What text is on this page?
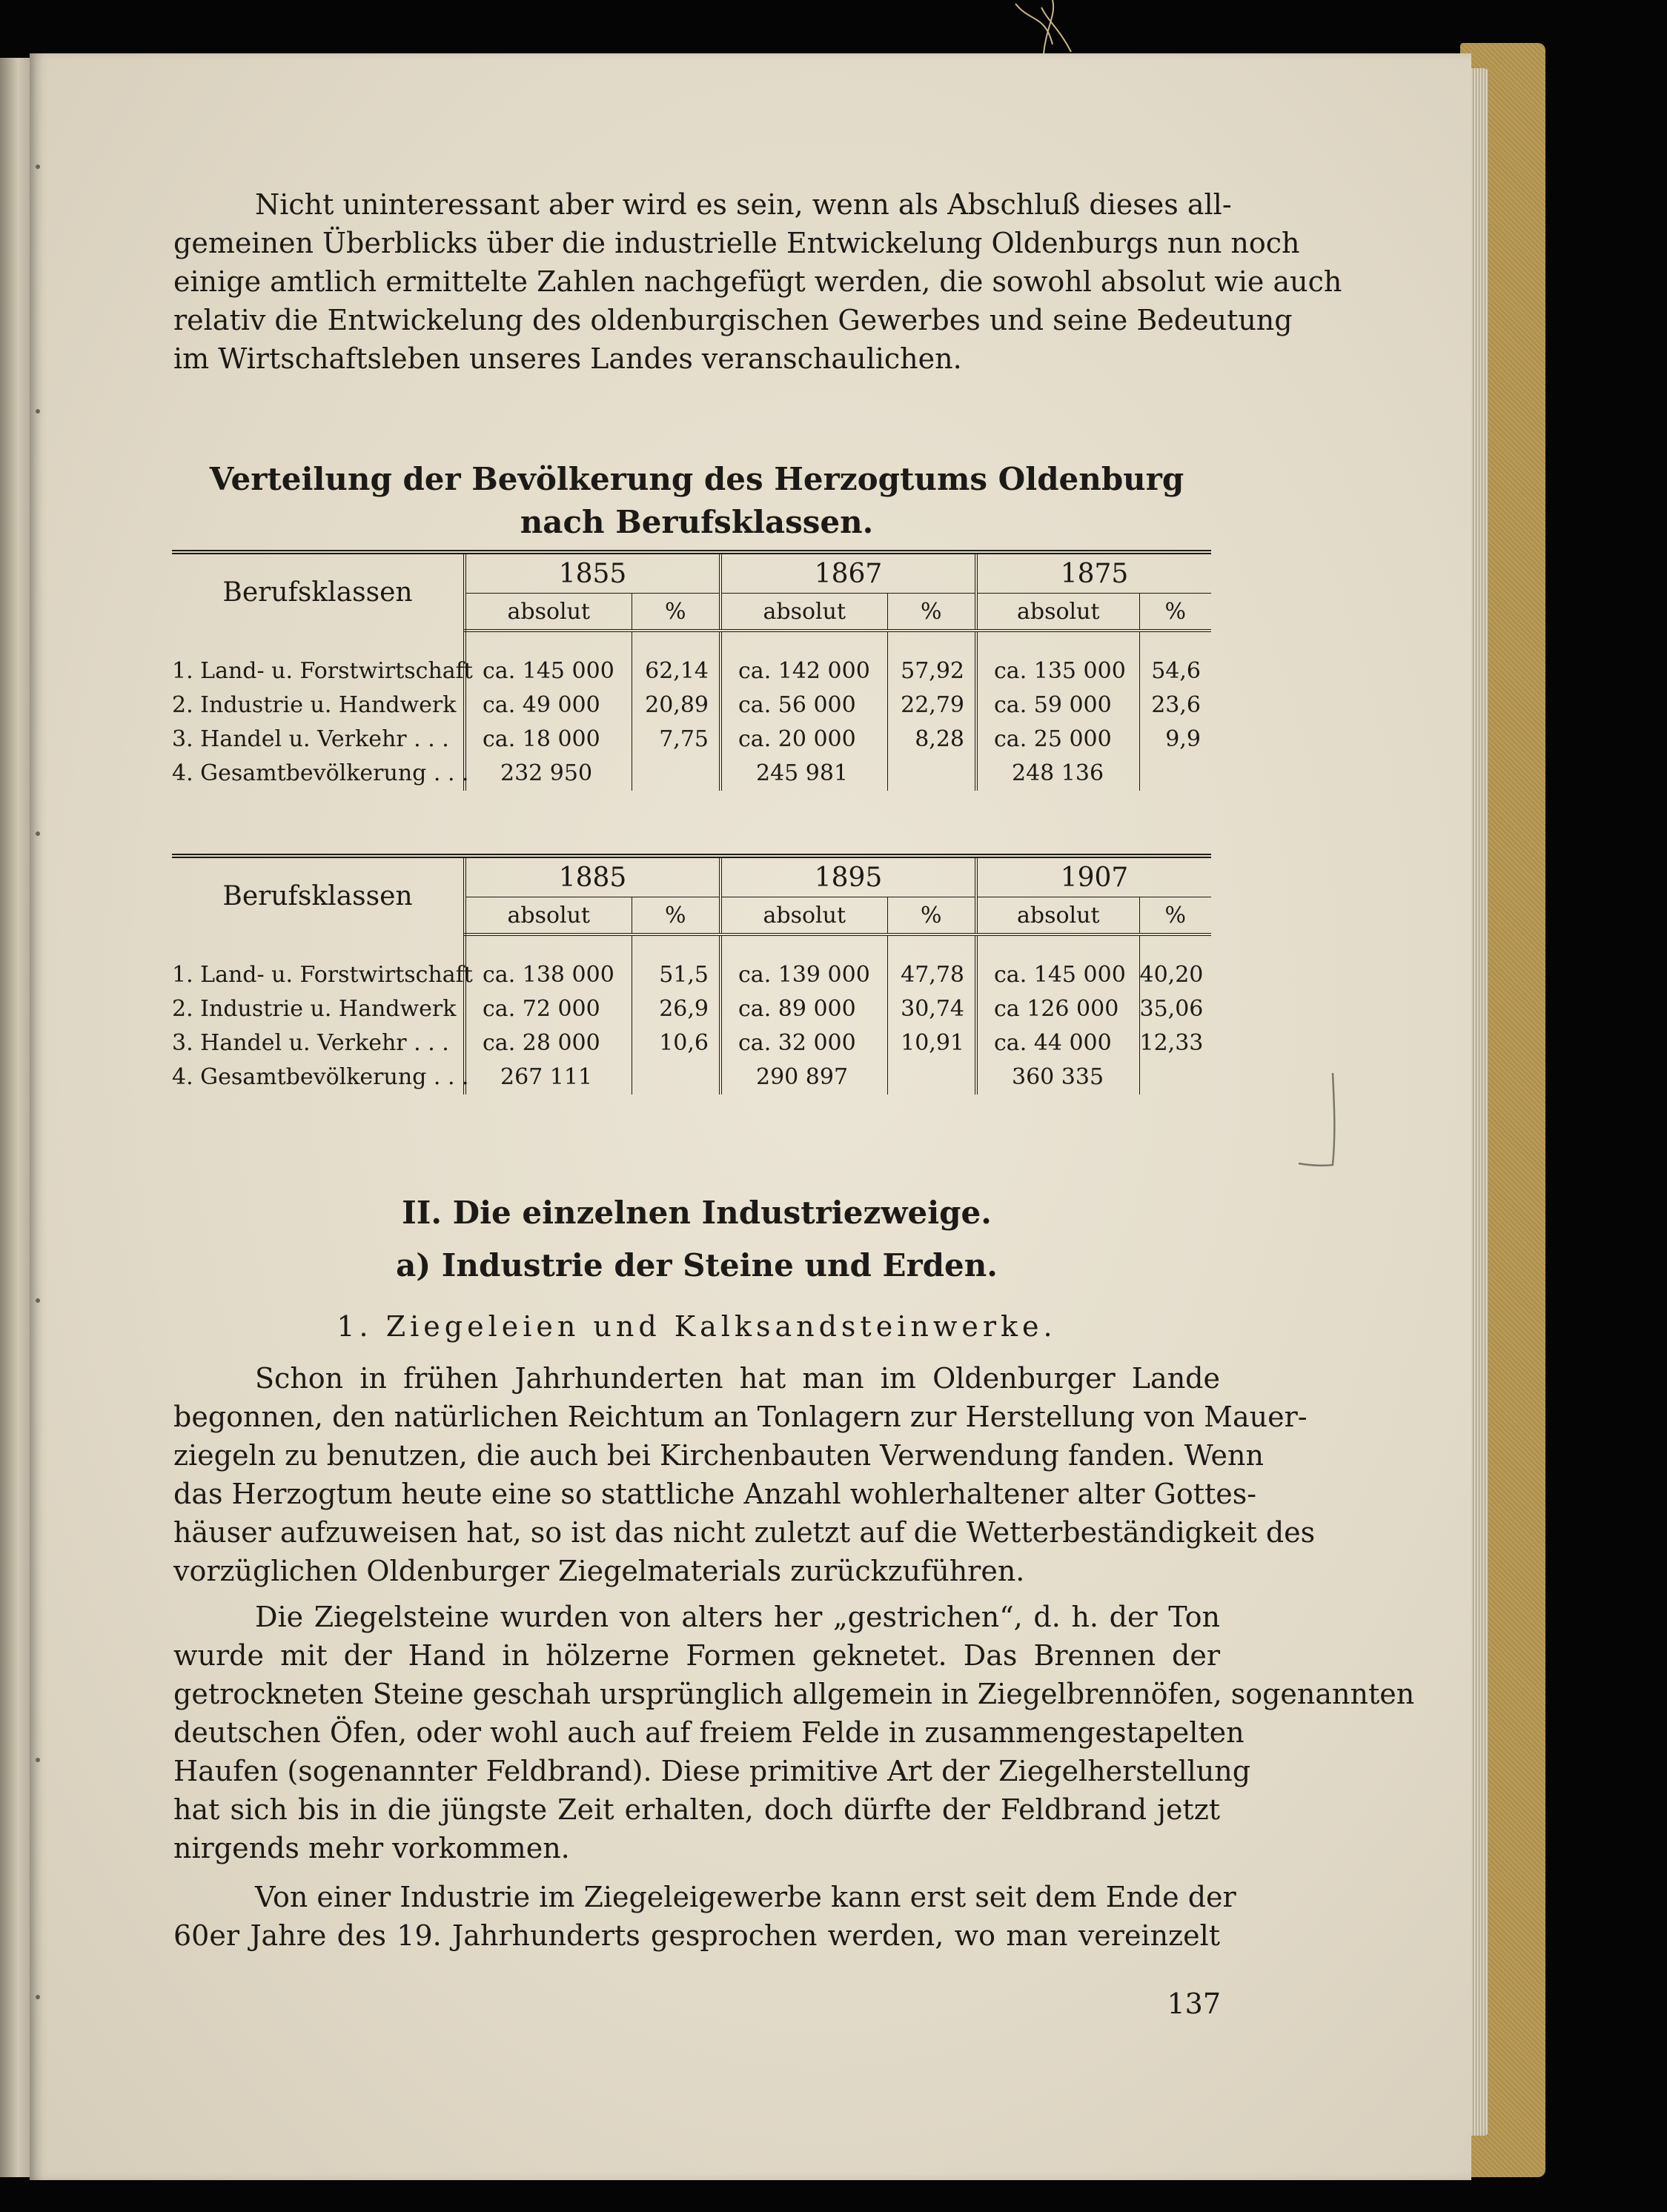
Nicht uninteressant aber wird es sein, wenn als Abschluß dieses all-
gemeinen Überblicks über die industrielle Entwickelung Oldenburgs nun noch
einige amtlich ermittelte Zahlen nachgefügt werden, die sowohl absolut wie auch
relativ die Entwickelung des oldenburgischen Gewerbes und seine Bedeutung
im Wirtschaftsleben unseres Landes veranschaulichen.
Verteilung der Bevölkerung des Herzogtums Oldenburg
nach Berufsklassen.
Berufsklassen	1855		1867		1875	
	absolut	%	absolut	%	absolut	%

1. Land- u. Forstwirtschaft	ca. 145 000	62,14	ca. 142 000	57,92	ca. 135 000	54,6
2. Industrie u. Handwerk	ca. 49 000	20,89	ca. 56 000	22,79	ca. 59 000	23,6
3. Handel u. Verkehr . . .	ca. 18 000	7,75	ca. 20 000	8,28	ca. 25 000	9,9
4. Gesamtbevölkerung . . .	232 950		245 981		248 136	
Berufsklassen	1885		1895		1907	
	absolut	%	absolut	%	absolut	%

1. Land- u. Forstwirtschaft	ca. 138 000	51,5	ca. 139 000	47,78	ca. 145 000	40,20
2. Industrie u. Handwerk	ca. 72 000	26,9	ca. 89 000	30,74	ca 126 000	35,06
3. Handel u. Verkehr . . .	ca. 28 000	10,6	ca. 32 000	10,91	ca. 44 000	12,33
4. Gesamtbevölkerung . . .	267 111		290 897		360 335	
II. Die einzelnen Industriezweige.
a) Industrie der Steine und Erden.
1. Ziegeleien und Kalksandsteinwerke.
Schon in frühen Jahrhunderten hat man im Oldenburger Lande
begonnen, den natürlichen Reichtum an Tonlagern zur Herstellung von Mauer-
ziegeln zu benutzen, die auch bei Kirchenbauten Verwendung fanden. Wenn
das Herzogtum heute eine so stattliche Anzahl wohlerhaltener alter Gottes-
häuser aufzuweisen hat, so ist das nicht zuletzt auf die Wetterbeständigkeit des
vorzüglichen Oldenburger Ziegelmaterials zurückzuführen.
Die Ziegelsteine wurden von alters her „gestrichen“, d. h. der Ton
wurde mit der Hand in hölzerne Formen geknetet. Das Brennen der
getrockneten Steine geschah ursprünglich allgemein in Ziegelbrennöfen, sogenannten
deutschen Öfen, oder wohl auch auf freiem Felde in zusammengestapelten
Haufen (sogenannter Feldbrand). Diese primitive Art der Ziegelherstellung
hat sich bis in die jüngste Zeit erhalten, doch dürfte der Feldbrand jetzt
nirgends mehr vorkommen.
Von einer Industrie im Ziegeleigewerbe kann erst seit dem Ende der
60er Jahre des 19. Jahrhunderts gesprochen werden, wo man vereinzelt
137
